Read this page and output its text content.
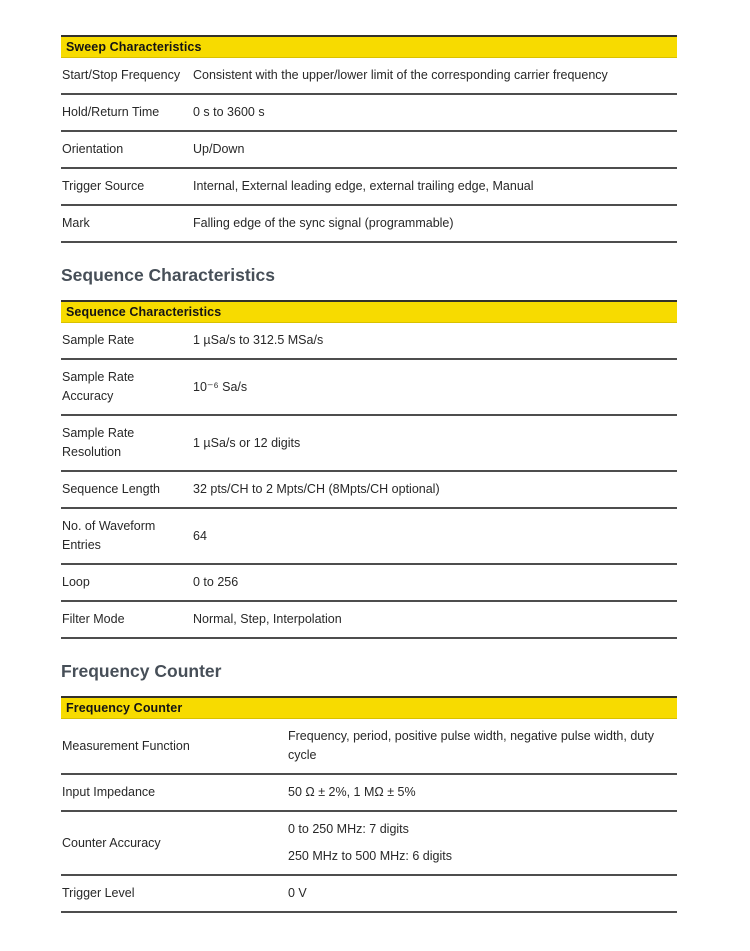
Sweep Characteristics	
Start/Stop Frequency	Consistent with the upper/lower limit of the corresponding carrier frequency
Hold/Return Time	0 s to 3600 s
Orientation	Up/Down
Trigger Source	Internal, External leading edge, external trailing edge, Manual
Mark	Falling edge of the sync signal (programmable)
Sequence Characteristics
Sequence Characteristics	
Sample Rate	1 µSa/s to 312.5 MSa/s
Sample Rate Accuracy	10⁻⁶ Sa/s
Sample Rate Resolution	1 µSa/s or 12 digits
Sequence Length	32 pts/CH to 2 Mpts/CH (8Mpts/CH optional)
No. of Waveform Entries	64
Loop	0 to 256
Filter Mode	Normal, Step, Interpolation
Frequency Counter
Frequency Counter	
Measurement Function	Frequency, period, positive pulse width, negative pulse width, duty cycle
Input Impedance	50 Ω ± 2%, 1 MΩ ± 5%
Counter Accuracy	0 to 250 MHz: 7 digits
250 MHz to 500 MHz: 6 digits

Trigger Level	0 V
